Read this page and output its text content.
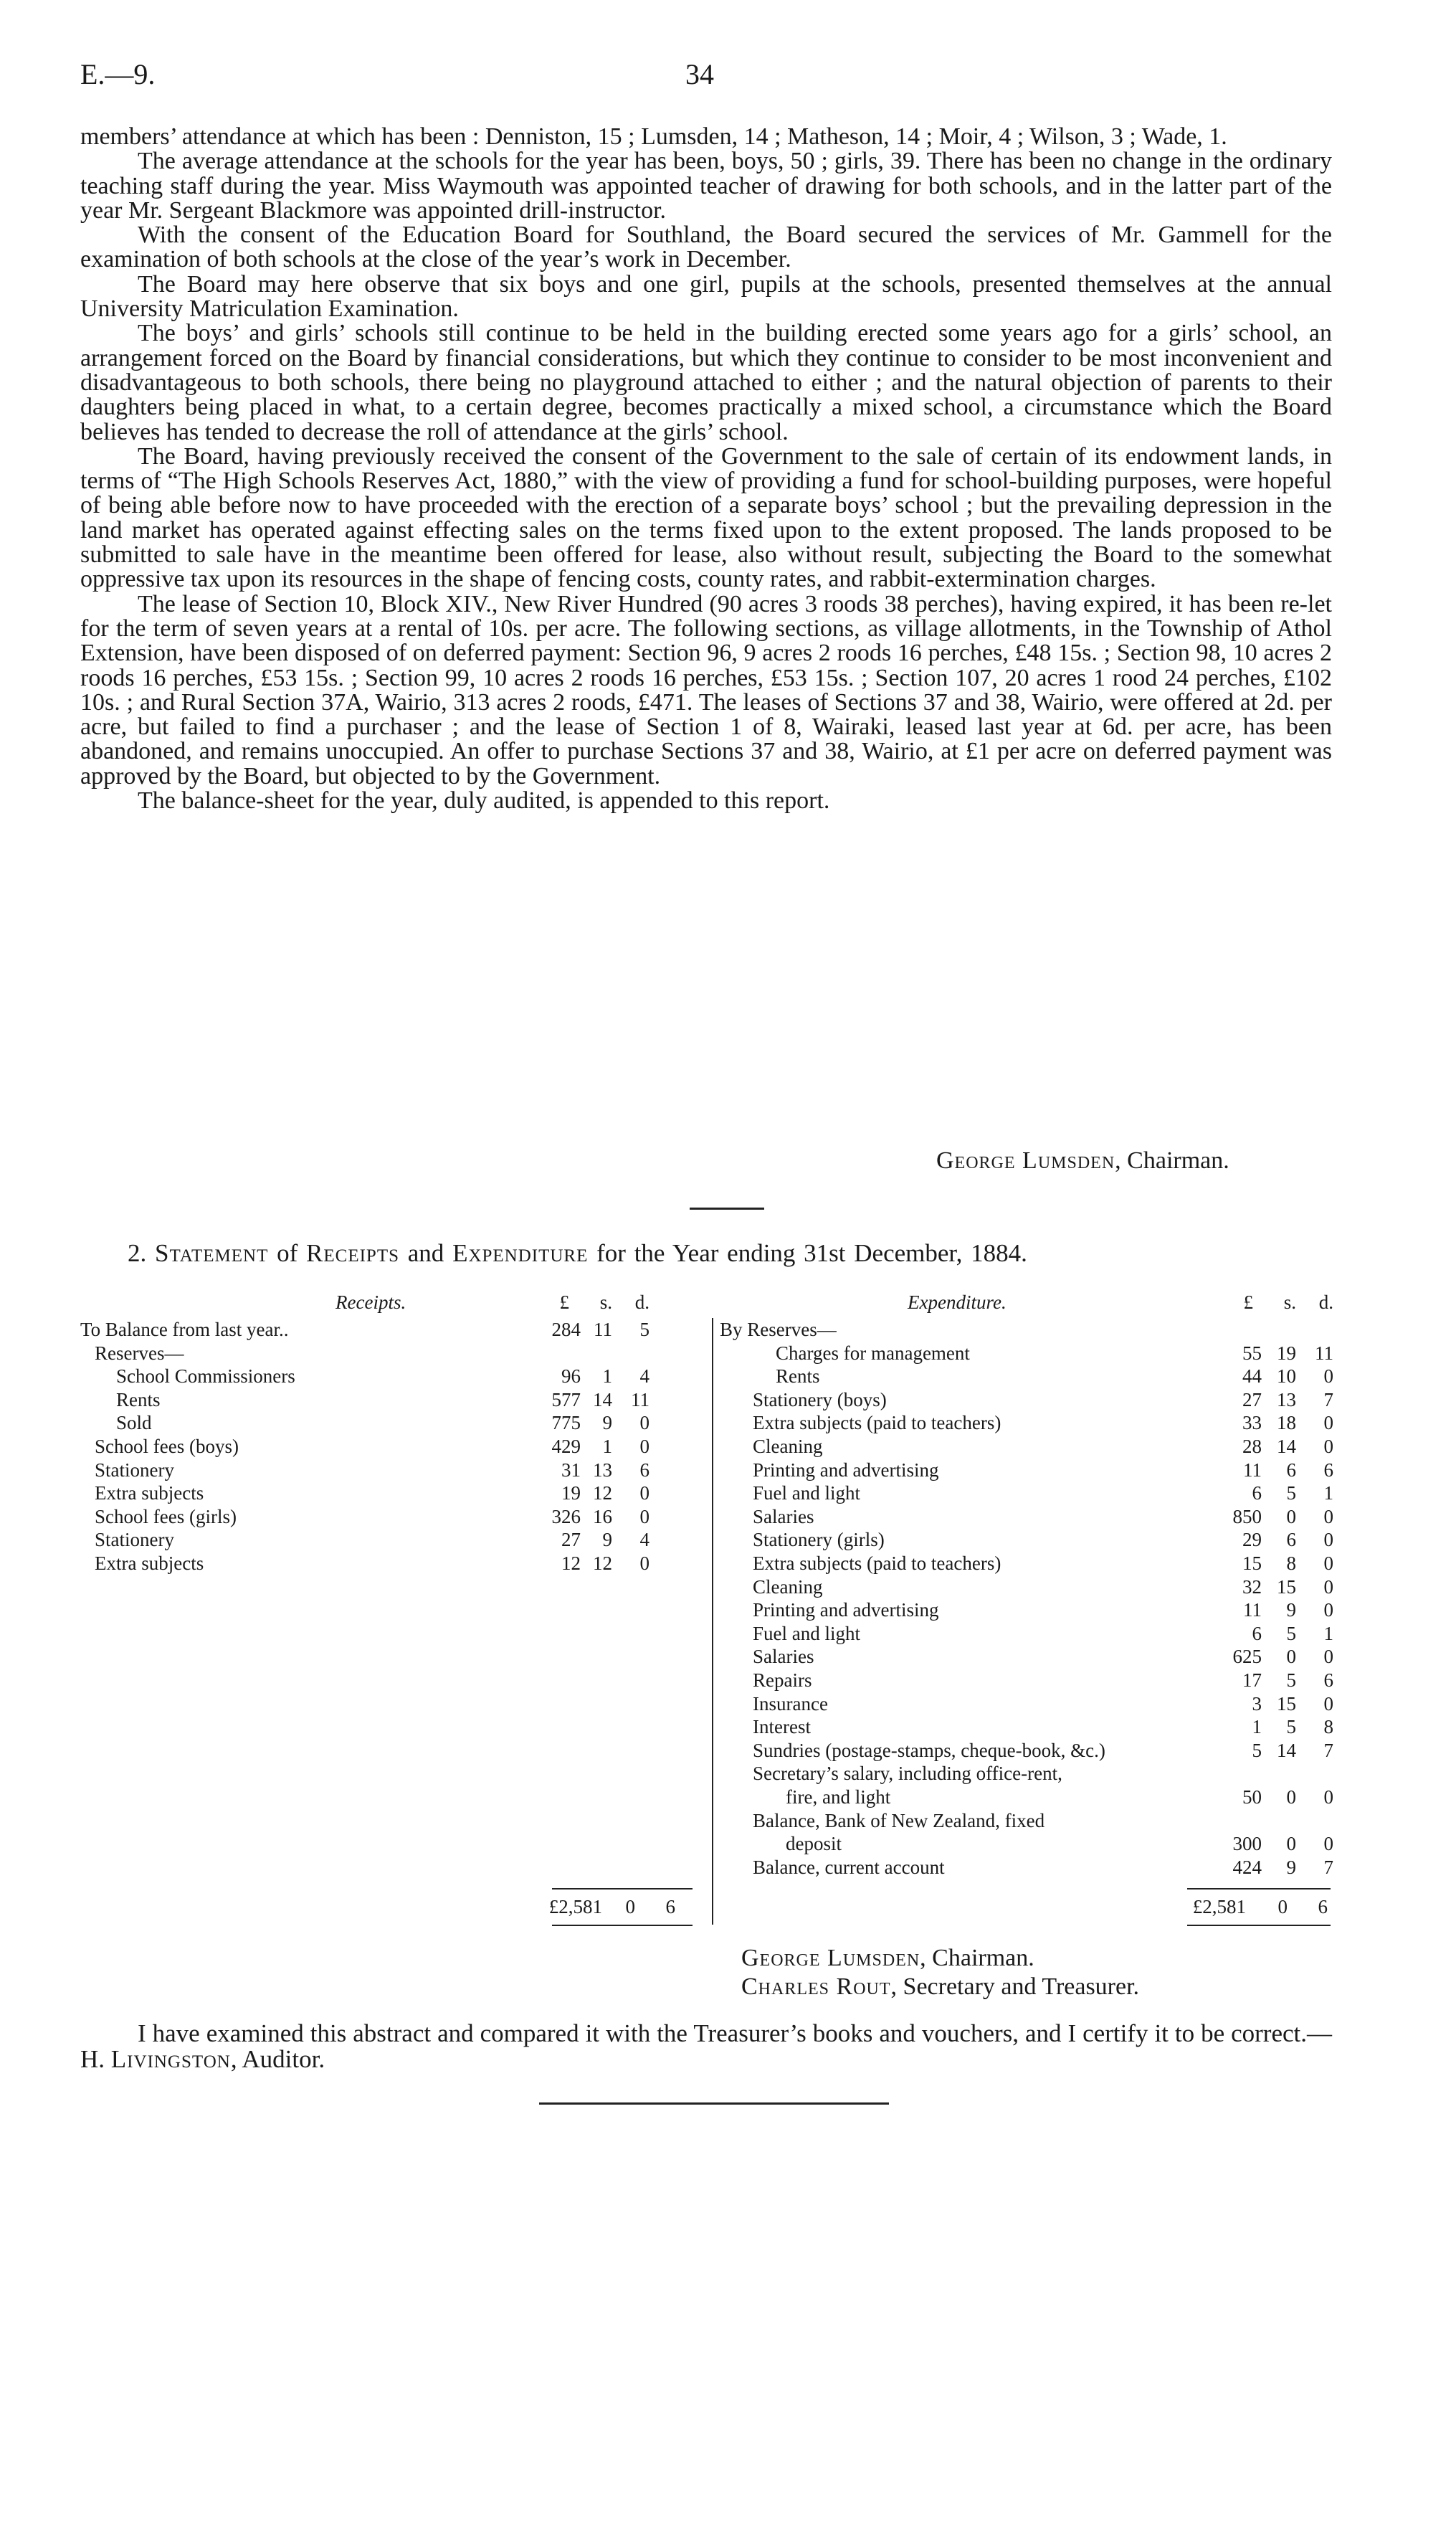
E.—9.	34

members’ attendance at which has been : Denniston, 15 ; Lumsden, 14 ; Matheson, 14 ; Moir, 4 ; Wilson, 3 ; Wade, 1.

The average attendance at the schools for the year has been, boys, 50 ; girls, 39. There has been no change in the ordinary teaching staff during the year. Miss Waymouth was appointed teacher of drawing for both schools, and in the latter part of the year Mr. Sergeant Blackmore was appointed drill-instructor.

With the consent of the Education Board for Southland, the Board secured the services of Mr. Gammell for the examination of both schools at the close of the year’s work in December.

The Board may here observe that six boys and one girl, pupils at the schools, presented themselves at the annual University Matriculation Examination.

The boys’ and girls’ schools still continue to be held in the building erected some years ago for a girls’ school, an arrangement forced on the Board by financial considerations, but which they continue to consider to be most inconvenient and disadvantageous to both schools, there being no playground attached to either ; and the natural objection of parents to their daughters being placed in what, to a certain degree, becomes practically a mixed school, a circumstance which the Board believes has tended to decrease the roll of attendance at the girls’ school.

The Board, having previously received the consent of the Government to the sale of certain of its endowment lands, in terms of “The High Schools Reserves Act, 1880,” with the view of providing a fund for school-building purposes, were hopeful of being able before now to have proceeded with the erection of a separate boys’ school ; but the prevailing depression in the land market has operated against effecting sales on the terms fixed upon to the extent proposed. The lands proposed to be submitted to sale have in the meantime been offered for lease, also without result, subjecting the Board to the somewhat oppressive tax upon its resources in the shape of fencing costs, county rates, and rabbit-extermination charges.

The lease of Section 10, Block XIV., New River Hundred (90 acres 3 roods 38 perches), having expired, it has been re-let for the term of seven years at a rental of 10s. per acre. The following sections, as village allotments, in the Township of Athol Extension, have been disposed of on deferred payment: Section 96, 9 acres 2 roods 16 perches, £48 15s. ; Section 98, 10 acres 2 roods 16 perches, £53 15s. ; Section 99, 10 acres 2 roods 16 perches, £53 15s. ; Section 107, 20 acres 1 rood 24 perches, £102 10s. ; and Rural Section 37A, Wairio, 313 acres 2 roods, £471. The leases of Sections 37 and 38, Wairio, were offered at 2d. per acre, but failed to find a purchaser ; and the lease of Section 1 of 8, Wairaki, leased last year at 6d. per acre, has been abandoned, and remains unoccupied. An offer to purchase Sections 37 and 38, Wairio, at £1 per acre on deferred payment was approved by the Board, but objected to by the Government.

The balance-sheet for the year, duly audited, is appended to this report.

George Lumsden, Chairman.
2. Statement of Receipts and Expenditure for the Year ending 31st December, 1884.
Receipts.	£	s.	d.	Expenditure.	£	s.	d.
To Balance from last year..	284 11	5
Reserves—
School Commissioners	96	1	4
Rents	577 14 11
Sold	775	9	0
School fees (boys)	429	1	0
Stationery	31 13	6
Extra subjects	19 12	0
School fees (girls)	326 16	0
Stationery	27	9	4
Extra subjects	12 12	0
By Reserves—
Charges for management	55 19 11
Rents	44 10	0
Stationery (boys)	27 13	7
Extra subjects (paid to teachers)	33 18	0
Cleaning	28 14	0
Printing and advertising	11	6	6
Fuel and light	6	5	1
Salaries	850	0	0
Stationery (girls)	29	6	0
Extra subjects (paid to teachers)	15	8	0
Cleaning	32 15	0
Printing and advertising	11	9	0
Fuel and light	6	5	1
Salaries	625	0	0
Repairs	17	5	6
Insurance	3 15	0
Interest	1	5	8
Sundries (postage-stamps, cheque-book, &c.)	5 14	7
Secretary’s salary, including office-rent,
fire, and light	50	0	0
Balance, Bank of New Zealand, fixed
deposit	300	0	0
Balance, current account	424	9	7
£2,581	0	6	£2,581	0	6
George Lumsden, Chairman.
Charles Rout, Secretary and Treasurer.

I have examined this abstract and compared it with the Treasurer’s books and vouchers, and I certify it to be correct.—H. Livingston, Auditor.
